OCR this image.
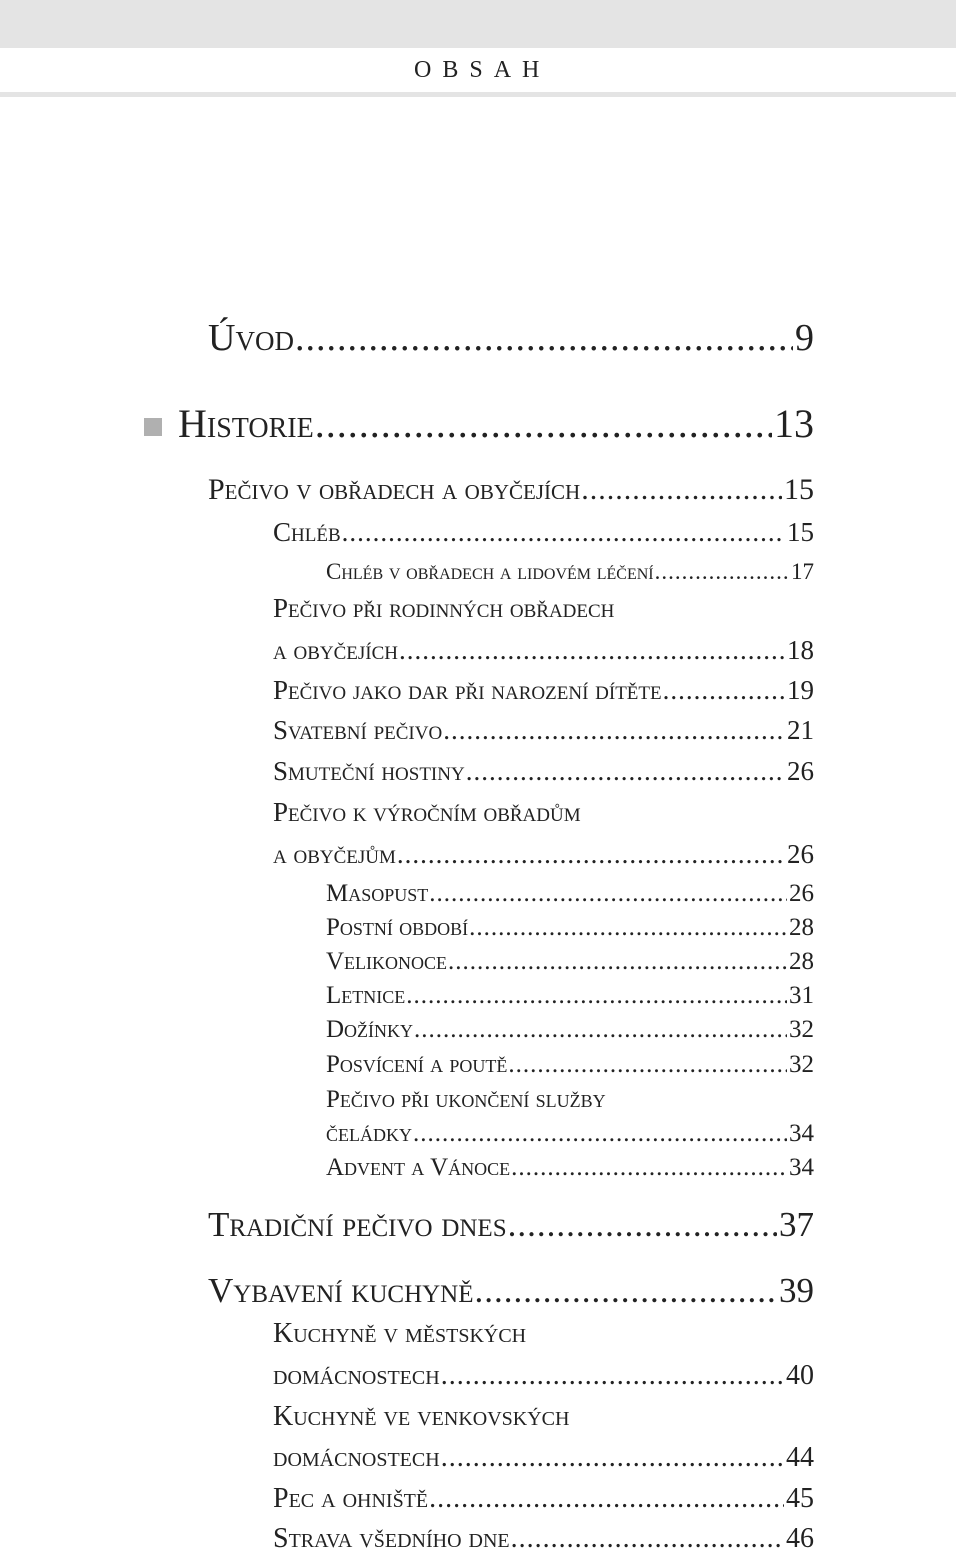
OBSAH
Úvod .....	9
Historie .....	13
Pečivo v obřadech a obyčejích .....	15
Chléb .....	15
Chléb v obřadech a lidovém léčení .....	17
Pečivo při rodinných obřadech
a obyčejích .....	18
Pečivo jako dar při narození dítěte .....	19
Svatební pečivo .....	21
Smuteční hostiny .....	26
Pečivo k výročním obřadům
a obyčejům .....	26
Masopust .....	26
Postní období .....	28
Velikonoce .....	28
Letnice .....	31
Dožínky .....	32
Posvícení a poutě .....	32
Pečivo při ukončení služby
čeládky .....	34
Advent a Vánoce .....	34
Tradiční pečivo dnes .....	37
Vybavení kuchyně .....	39
Kuchyně v městských
domácnostech .....	40
Kuchyně ve venkovských
domácnostech .....	44
Pec a ohniště .....	45
Strava všedního dne .....	46
